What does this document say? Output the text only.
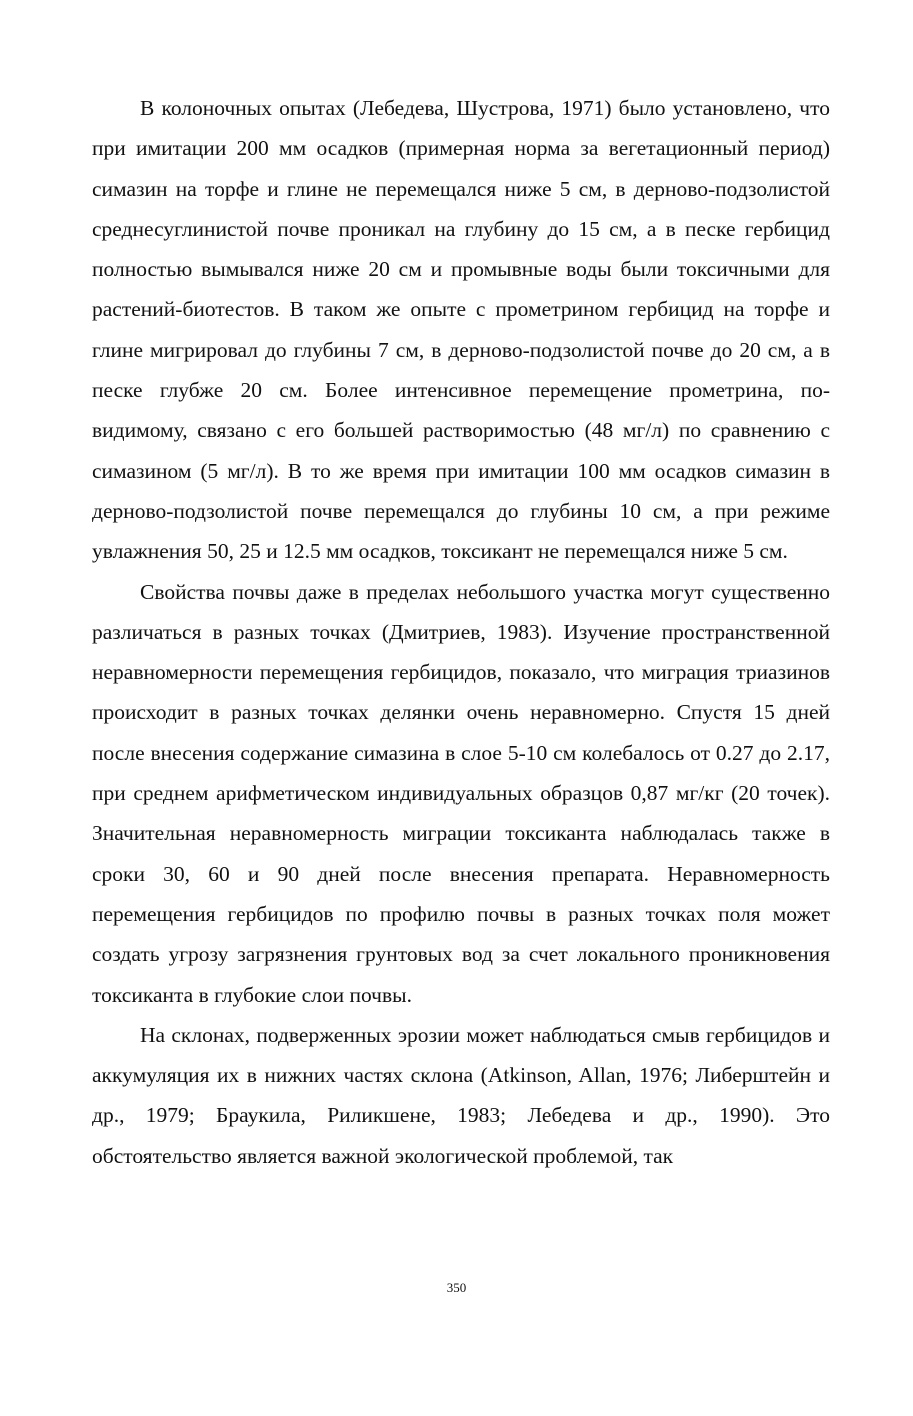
В колоночных опытах (Лебедева, Шустрова, 1971) было установлено, что при имитации 200 мм осадков (примерная норма за вегетационный период) симазин на торфе и глине не перемещался ниже 5 см, в дерново-подзолистой среднесуглинистой почве проникал на глубину до 15 см, а в песке гербицид полностью вымывался ниже 20 см и промывные воды были токсичными для растений-биотестов. В таком же опыте с прометрином гербицид на торфе и глине мигрировал до глубины 7 см, в дерново-подзолистой почве до 20 см, а в песке глубже 20 см. Более интенсивное перемещение прометрина, по-видимому, связано с его большей растворимостью (48 мг/л) по сравнению с симазином (5 мг/л). В то же время при имитации 100 мм осадков симазин в дерново-подзолистой почве перемещался до глубины 10 см, а при режиме увлажнения 50, 25 и 12.5 мм осадков, токсикант не перемещался ниже 5 см.

Свойства почвы даже в пределах небольшого участка могут существенно различаться в разных точках (Дмитриев, 1983). Изучение пространственной неравномерности перемещения гербицидов, показало, что миграция триазинов происходит в разных точках делянки очень неравномерно. Спустя 15 дней после внесения содержание симазина в слое 5-10 см колебалось от 0.27 до 2.17, при среднем арифметическом индивидуальных образцов 0,87 мг/кг (20 точек). Значительная неравномерность миграции токсиканта наблюдалась также в сроки 30, 60 и 90 дней после внесения препарата. Неравномерность перемещения гербицидов по профилю почвы в разных точках поля может создать угрозу загрязнения грунтовых вод за счет локального проникновения токсиканта в глубокие слои почвы.

На склонах, подверженных эрозии может наблюдаться смыв гербицидов и аккумуляция их в нижних частях склона (Atkinson, Allan, 1976; Либерштейн и др., 1979; Браукила, Риликшене, 1983; Лебедева и др., 1990). Это обстоятельство является важной экологической проблемой, так

350
